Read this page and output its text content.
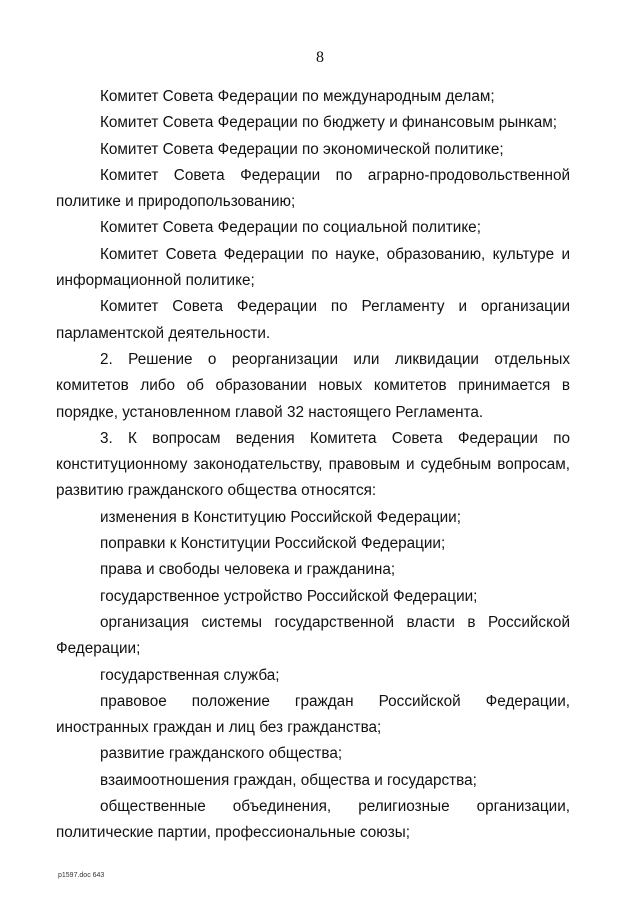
8

Комитет Совета Федерации по международным делам;

Комитет Совета Федерации по бюджету и финансовым рынкам;

Комитет Совета Федерации по экономической политике;

Комитет Совета Федерации по аграрно-продовольственной политике и природопользованию;

Комитет Совета Федерации по социальной политике;

Комитет Совета Федерации по науке, образованию, культуре и информационной политике;

Комитет Совета Федерации по Регламенту и организации парламентской деятельности.

2. Решение о реорганизации или ликвидации отдельных комитетов либо об образовании новых комитетов принимается в порядке, установленном главой 32 настоящего Регламента.

3. К вопросам ведения Комитета Совета Федерации по конституционному законодательству, правовым и судебным вопросам, развитию гражданского общества относятся:

изменения в Конституцию Российской Федерации;

поправки к Конституции Российской Федерации;

права и свободы человека и гражданина;

государственное устройство Российской Федерации;

организация системы государственной власти в Российской Федерации;

государственная служба;

правовое положение граждан Российской Федерации, иностранных граждан и лиц без гражданства;

развитие гражданского общества;

взаимоотношения граждан, общества и государства;

общественные объединения, религиозные организации, политические партии, профессиональные союзы;

p1597.doc 643
